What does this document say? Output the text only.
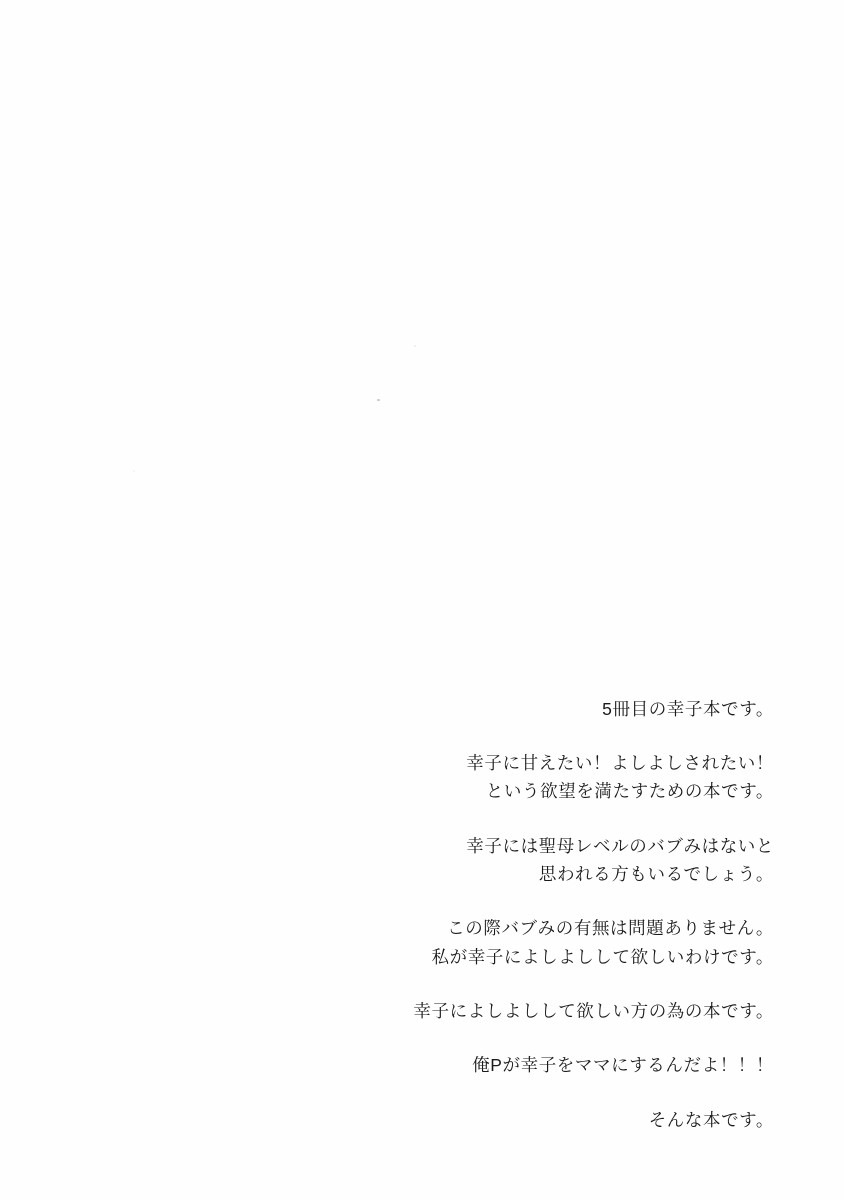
5冊目の幸子本です。
幸子に甘えたい！よしよしされたい！
という欲望を満たすための本です。
幸子には聖母レベルのバブみはないと
思われる方もいるでしょう。
この際バブみの有無は問題ありません。
私が幸子によしよしして欲しいわけです。
幸子によしよしして欲しい方の為の本です。
俺Pが幸子をママにするんだよ！！！
そんな本です。
